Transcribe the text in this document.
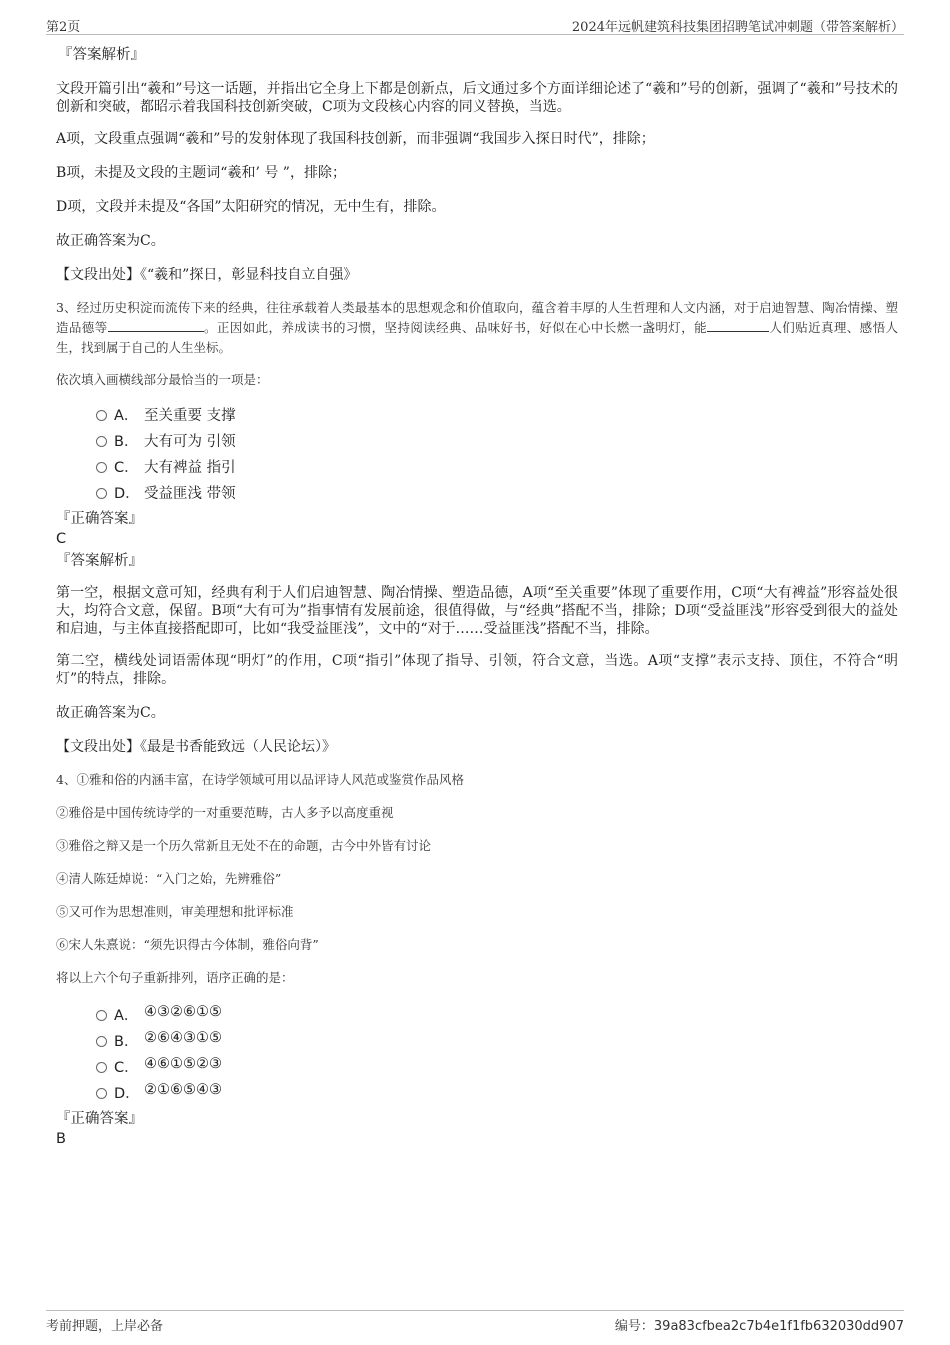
第2页	2024年远帆建筑科技集团招聘笔试冲刺题（带答案解析）
『答案解析』

文段开篇引出“羲和”号这一话题，并指出它全身上下都是创新点，后文通过多个方面详细论述了“羲和”号的创新，强调了“羲和”号技术的创新和突破，都昭示着我国科技创新突破，C项为文段核心内容的同义替换，当选。

A项，文段重点强调“羲和”号的发射体现了我国科技创新，而非强调“我国步入探日时代”，排除；

B项，未提及文段的主题词“羲和’ 号 ”，排除；

D项，文段并未提及“各国”太阳研究的情况，无中生有，排除。

故正确答案为C。

【文段出处】《“羲和”探日，彰显科技自立自强》

3、经过历史积淀而流传下来的经典，往往承载着人类最基本的思想观念和价值取向，蕴含着丰厚的人生哲理和人文内涵，对于启迪智慧、陶冶情操、塑造品德等	。正因如此，养成读书的习惯，坚持阅读经典、品味好书，好似在心中长燃一盏明灯，能	人们贴近真理、感悟人生，找到属于自己的人生坐标。

依次填入画横线部分最恰当的一项是：

A． 至关重要 支撑
B． 大有可为 引领
C． 大有裨益 指引
D． 受益匪浅 带领
『正确答案』
C
『答案解析』

第一空，根据文意可知，经典有利于人们启迪智慧、陶冶情操、塑造品德，A项“至关重要”体现了重要作用，C项“大有裨益”形容益处很大，均符合文意，保留。B项“大有可为”指事情有发展前途，很值得做，与“经典”搭配不当，排除；D项“受益匪浅”形容受到很大的益处和启迪，与主体直接搭配即可，比如“我受益匪浅”，文中的“对于……受益匪浅”搭配不当，排除。

第二空，横线处词语需体现“明灯”的作用，C项“指引”体现了指导、引领，符合文意，当选。A项“支撑”表示支持、顶住，不符合“明灯”的特点，排除。

故正确答案为C。

【文段出处】《最是书香能致远（人民论坛）》

4、①雅和俗的内涵丰富，在诗学领域可用以品评诗人风范或鉴赏作品风格

②雅俗是中国传统诗学的一对重要范畴，古人多予以高度重视

③雅俗之辩又是一个历久常新且无处不在的命题，古今中外皆有讨论

④清人陈廷焯说：“入门之始，先辨雅俗”

⑤又可作为思想准则，审美理想和批评标准

⑥宋人朱熹说：“须先识得古今体制，雅俗向背”

将以上六个句子重新排列，语序正确的是：

A． ④③②⑥①⑤
B． ②⑥④③①⑤
C． ④⑥①⑤②③
D． ②①⑥⑤④③
『正确答案』
B
考前押题，上岸必备	编号：39a83cfbea2c7b4e1f1fb632030dd907
